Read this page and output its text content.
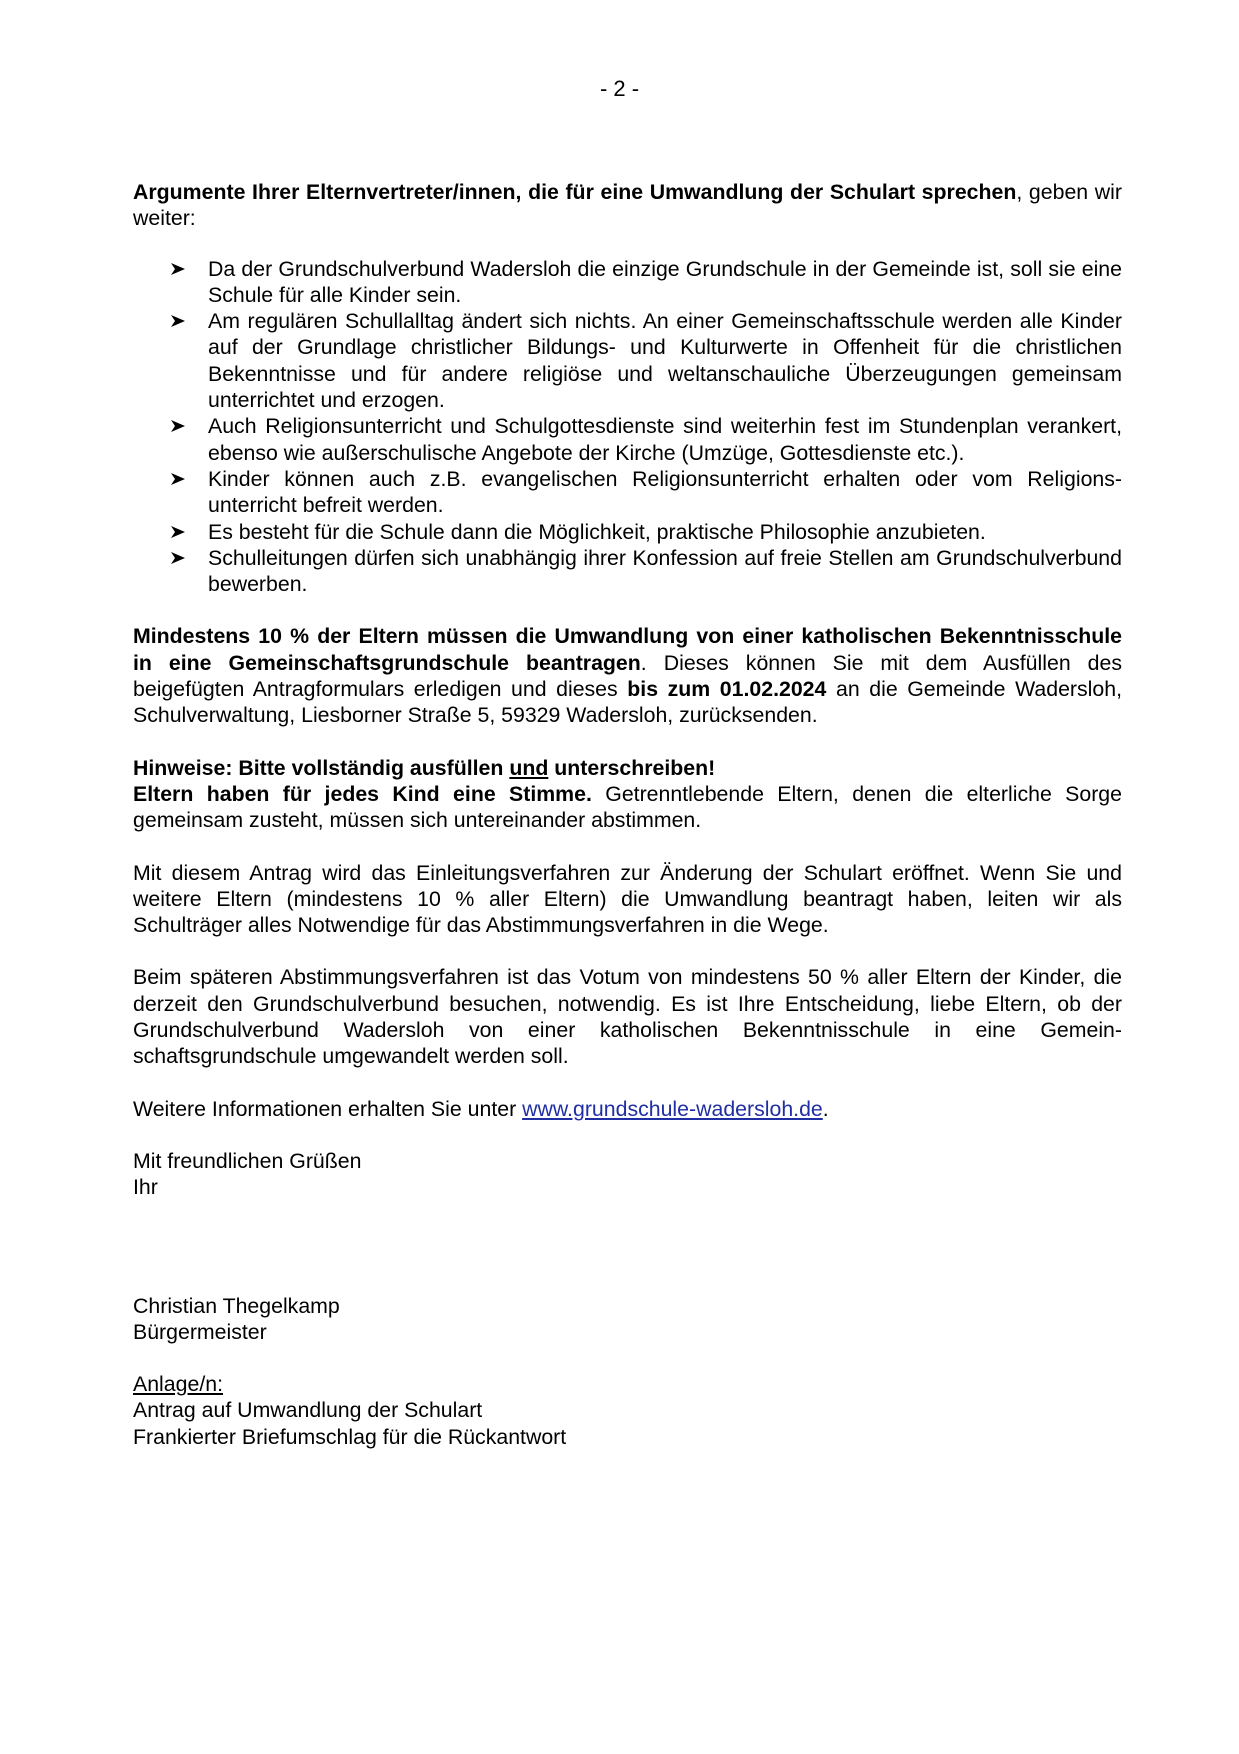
- 2 -

Argumente Ihrer Elternvertreter/innen, die für eine Umwandlung der Schulart sprechen, geben wir weiter:

Da der Grundschulverbund Wadersloh die einzige Grundschule in der Gemeinde ist, soll sie eine Schule für alle Kinder sein.
Am regulären Schullalltag ändert sich nichts. An einer Gemeinschaftsschule werden alle Kinder auf der Grundlage christlicher Bildungs- und Kulturwerte in Offenheit für die christlichen Bekenntnisse und für andere religiöse und weltanschauliche Überzeugungen gemeinsam unterrichtet und erzogen.
Auch Religionsunterricht und Schulgottesdienste sind weiterhin fest im Stundenplan verankert, ebenso wie außerschulische Angebote der Kirche (Umzüge, Gottesdienste etc.).
Kinder können auch z.B. evangelischen Religionsunterricht erhalten oder vom Religionsunterricht befreit werden.
Es besteht für die Schule dann die Möglichkeit, praktische Philosophie anzubieten.
Schulleitungen dürfen sich unabhängig ihrer Konfession auf freie Stellen am Grundschulverbund bewerben.

Mindestens 10 % der Eltern müssen die Umwandlung von einer katholischen Bekenntnisschule in eine Gemeinschaftsgrundschule beantragen. Dieses können Sie mit dem Ausfüllen des beigefügten Antragformulars erledigen und dieses bis zum 01.02.2024 an die Gemeinde Wadersloh, Schulverwaltung, Liesborner Straße 5, 59329 Wadersloh, zurücksenden.

Hinweise: Bitte vollständig ausfüllen und unterschreiben!

Eltern haben für jedes Kind eine Stimme. Getrenntlebende Eltern, denen die elterliche Sorge gemeinsam zusteht, müssen sich untereinander abstimmen.

Mit diesem Antrag wird das Einleitungsverfahren zur Änderung der Schulart eröffnet. Wenn Sie und weitere Eltern (mindestens 10 % aller Eltern) die Umwandlung beantragt haben, leiten wir als Schulträger alles Notwendige für das Abstimmungsverfahren in die Wege.

Beim späteren Abstimmungsverfahren ist das Votum von mindestens 50 % aller Eltern der Kinder, die derzeit den Grundschulverbund besuchen, notwendig. Es ist Ihre Entscheidung, liebe Eltern, ob der Grundschulverbund Wadersloh von einer katholischen Bekenntnisschule in eine Gemeinschaftsgrundschule umgewandelt werden soll.

Weitere Informationen erhalten Sie unter www.grundschule-wadersloh.de.

Mit freundlichen Grüßen

Ihr

Christian Thegelkamp

Bürgermeister

Anlage/n:

Antrag auf Umwandlung der Schulart

Frankierter Briefumschlag für die Rückantwort
